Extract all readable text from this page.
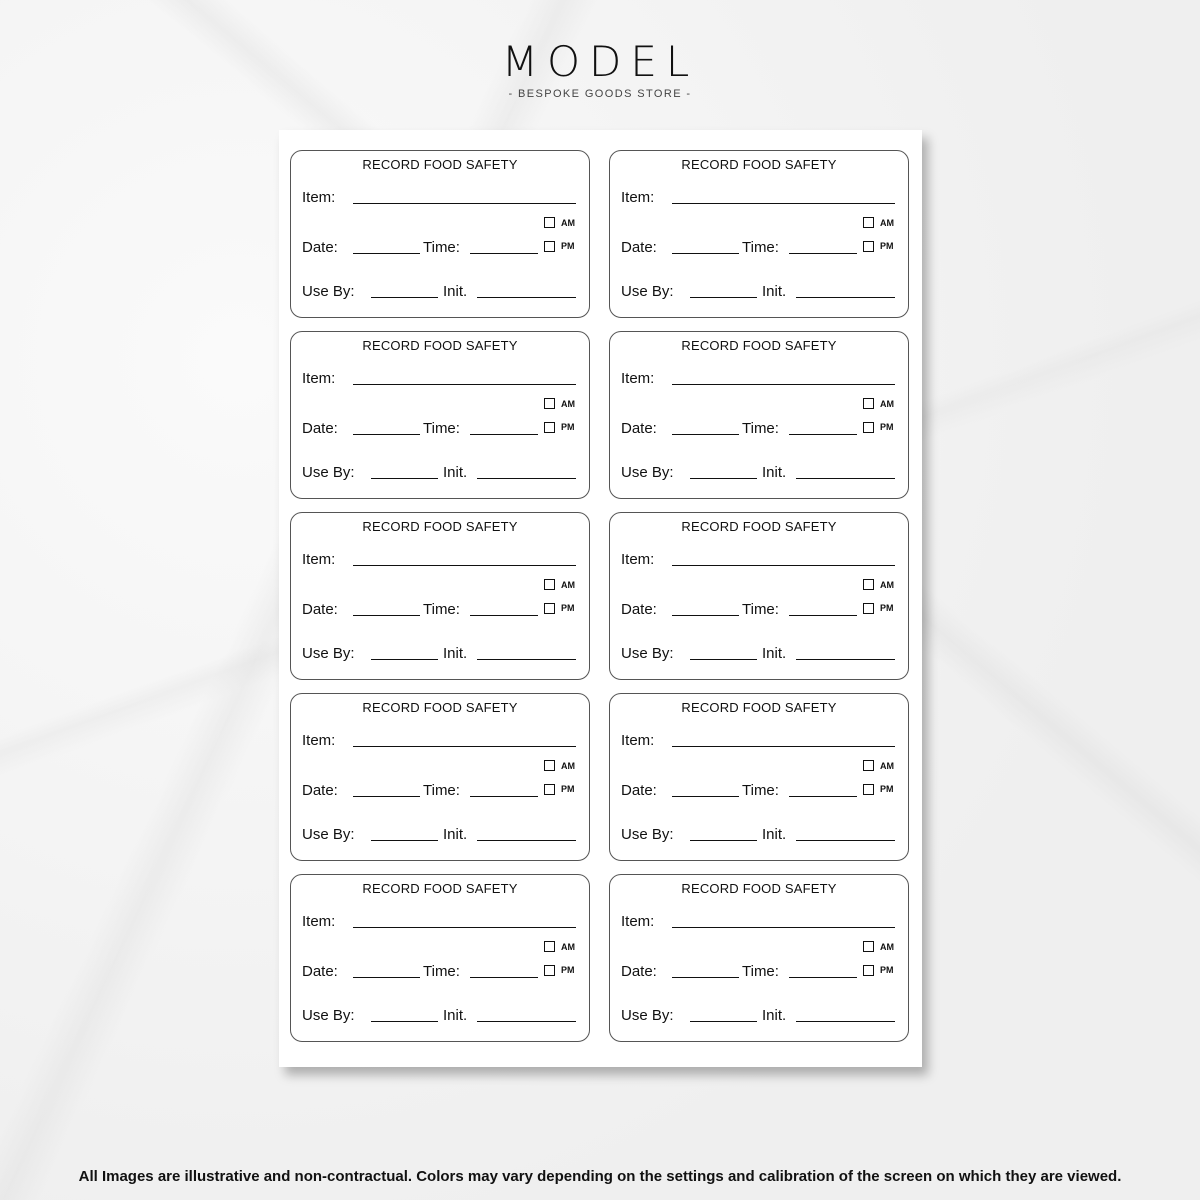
MODEL
- BESPOKE GOODS STORE -
RECORD FOOD SAFETY
Item:
AM
Date:	Time:	PM
Use By:	Init.
RECORD FOOD SAFETY
Item:
AM
Date:	Time:	PM
Use By:	Init.
RECORD FOOD SAFETY
Item:
AM
Date:	Time:	PM
Use By:	Init.
RECORD FOOD SAFETY
Item:
AM
Date:	Time:	PM
Use By:	Init.
RECORD FOOD SAFETY
Item:
AM
Date:	Time:	PM
Use By:	Init.
RECORD FOOD SAFETY
Item:
AM
Date:	Time:	PM
Use By:	Init.
RECORD FOOD SAFETY
Item:
AM
Date:	Time:	PM
Use By:	Init.
RECORD FOOD SAFETY
Item:
AM
Date:	Time:	PM
Use By:	Init.
RECORD FOOD SAFETY
Item:
AM
Date:	Time:	PM
Use By:	Init.
RECORD FOOD SAFETY
Item:
AM
Date:	Time:	PM
Use By:	Init.
All Images are illustrative and non-contractual. Colors may vary depending on the settings and calibration of the screen on which they are viewed.
